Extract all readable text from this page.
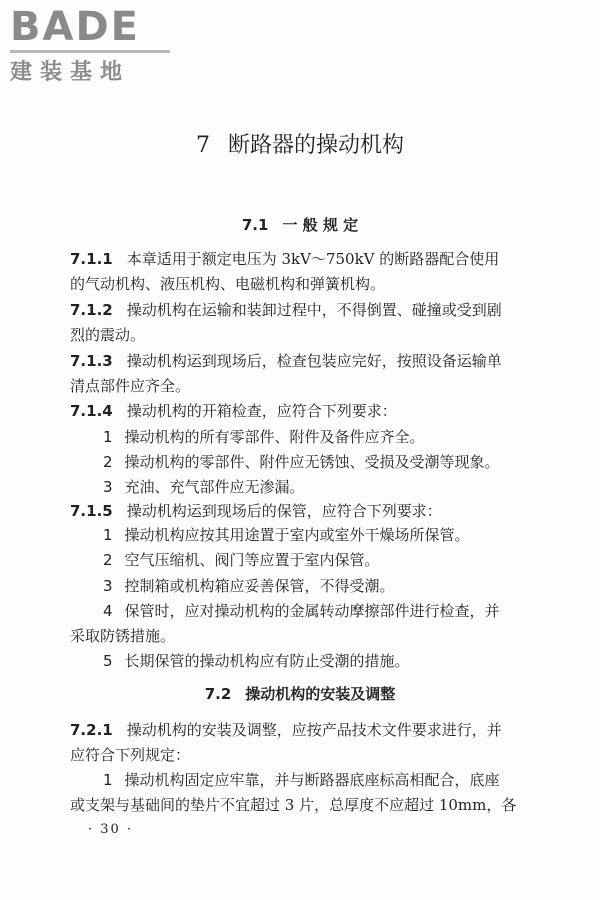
BADE
建装基地
7 断路器的操动机构
7.1 一 般 规 定
7.1.1 本章适用于额定电压为 3kV～750kV 的断路器配合使用
的气动机构、液压机构、电磁机构和弹簧机构。
7.1.2 操动机构在运输和装卸过程中，不得倒置、碰撞或受到剧
烈的震动。
7.1.3 操动机构运到现场后，检查包装应完好，按照设备运输单
清点部件应齐全。
7.1.4 操动机构的开箱检查，应符合下列要求：
1 操动机构的所有零部件、附件及备件应齐全。
2 操动机构的零部件、附件应无锈蚀、受损及受潮等现象。
3 充油、充气部件应无渗漏。
7.1.5 操动机构运到现场后的保管，应符合下列要求：
1 操动机构应按其用途置于室内或室外干燥场所保管。
2 空气压缩机、阀门等应置于室内保管。
3 控制箱或机构箱应妥善保管，不得受潮。
4 保管时，应对操动机构的金属转动摩擦部件进行检查，并
采取防锈措施。
5 长期保管的操动机构应有防止受潮的措施。
7.2 操动机构的安装及调整
7.2.1 操动机构的安装及调整，应按产品技术文件要求进行，并
应符合下列规定：
1 操动机构固定应牢靠，并与断路器底座标高相配合，底座
或支架与基础间的垫片不宜超过 3 片，总厚度不应超过 10mm，各
· 30 ·
